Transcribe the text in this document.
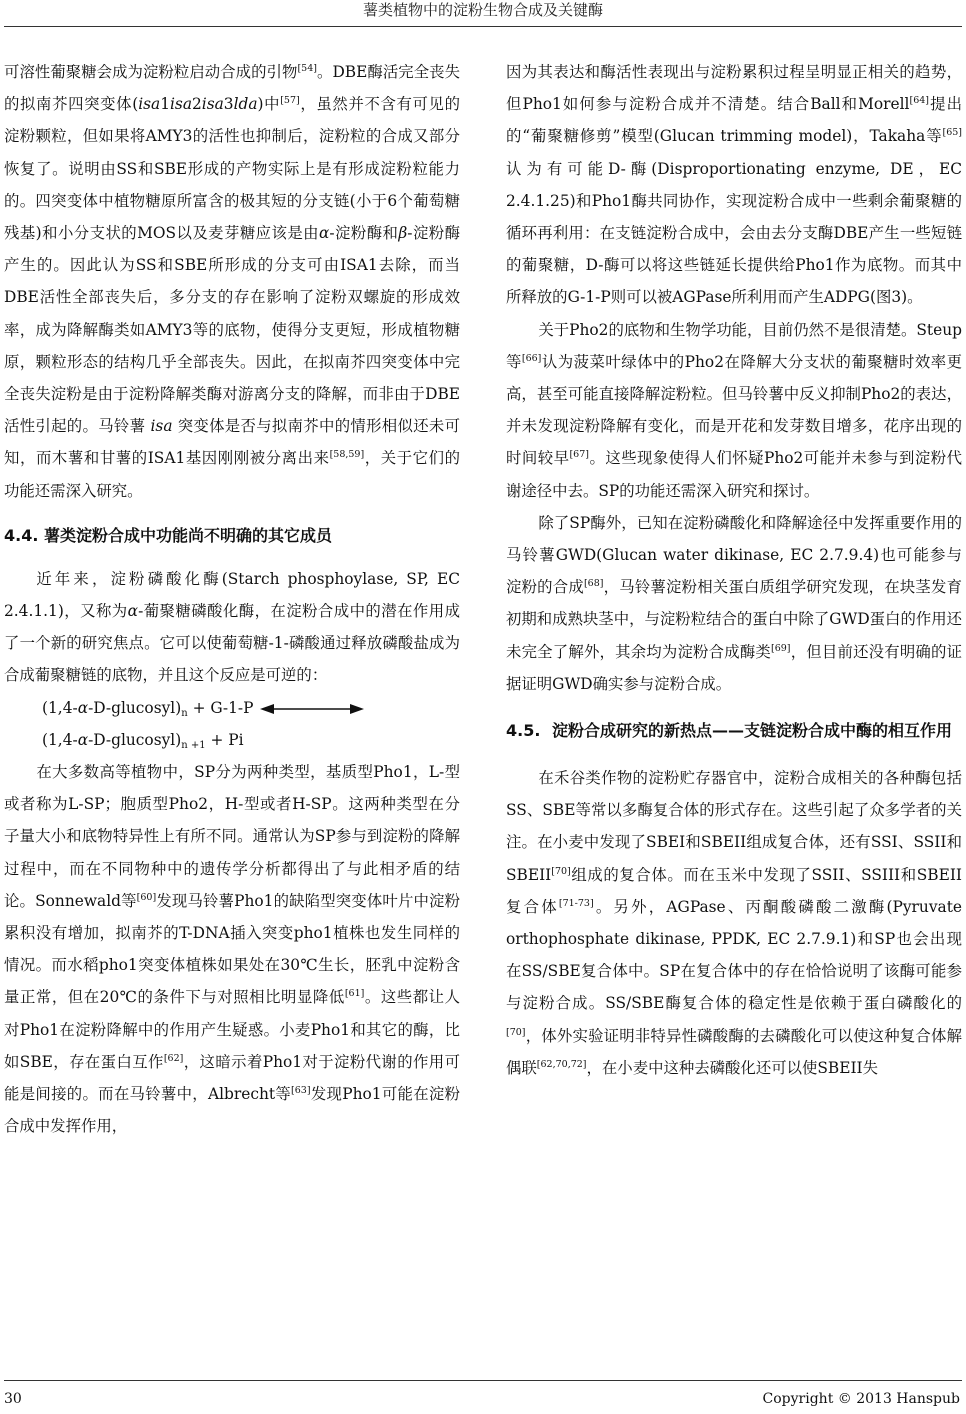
薯类植物中的淀粉生物合成及关键酶

可溶性葡聚糖会成为淀粉粒启动合成的引物[54]。DBE酶活完全丧失的拟南芥四突变体(isa1isa2isa3lda)中[57]，虽然并不含有可见的淀粉颗粒，但如果将AMY3的活性也抑制后，淀粉粒的合成又部分恢复了。说明由SS和SBE形成的产物实际上是有形成淀粉粒能力的。四突变体中植物糖原所富含的极其短的分支链(小于6个葡萄糖残基)和小分支状的MOS以及麦芽糖应该是由α-淀粉酶和β-淀粉酶产生的。因此认为SS和SBE所形成的分支可由ISA1去除，而当DBE活性全部丧失后，多分支的存在影响了淀粉双螺旋的形成效率，成为降解酶类如AMY3等的底物，使得分支更短，形成植物糖原，颗粒形态的结构几乎全部丧失。因此，在拟南芥四突变体中完全丧失淀粉是由于淀粉降解类酶对游离分支的降解，而非由于DBE活性引起的。马铃薯 isa 突变体是否与拟南芥中的情形相似还未可知，而木薯和甘薯的ISA1基因刚刚被分离出来[58,59]，关于它们的功能还需深入研究。

4.4. 薯类淀粉合成中功能尚不明确的其它成员

近年来，淀粉磷酸化酶(Starch phosphoylase, SP, EC 2.4.1.1)，又称为α-葡聚糖磷酸化酶，在淀粉合成中的潜在作用成了一个新的研究焦点。它可以使葡萄糖-1-磷酸通过释放磷酸盐成为合成葡聚糖链的底物，并且这个反应是可逆的：

$(1,4-\alpha-D-glucosyl)_n + G-1-P$
$(1,4-\alpha-D-glucosyl)_{n +1} + Pi$

在大多数高等植物中，SP分为两种类型，基质型Pho1，L-型或者称为L-SP；胞质型Pho2，H-型或者H-SP。这两种类型在分子量大小和底物特异性上有所不同。通常认为SP参与到淀粉的降解过程中，而在不同物种中的遗传学分析都得出了与此相矛盾的结论。Sonnewald等[60]发现马铃薯Pho1的缺陷型突变体叶片中淀粉累积没有增加，拟南芥的T-DNA插入突变pho1植株也发生同样的情况。而水稻pho1突变体植株如果处在30℃生长，胚乳中淀粉含量正常，但在20℃的条件下与对照相比明显降低[61]。这些都让人对Pho1在淀粉降解中的作用产生疑惑。小麦Pho1和其它的酶，比如SBE，存在蛋白互作[62]，这暗示着Pho1对于淀粉代谢的作用可能是间接的。而在马铃薯中，Albrecht等[63]发现Pho1可能在淀粉合成中发挥作用，

因为其表达和酶活性表现出与淀粉累积过程呈明显正相关的趋势，但Pho1如何参与淀粉合成并不清楚。结合Ball和Morell[64]提出的“葡聚糖修剪”模型(Glucan trimming model)，Takaha等[65]认为有可能D-酶(Disproportionating enzyme, DE，EC 2.4.1.25)和Pho1酶共同协作，实现淀粉合成中一些剩余葡聚糖的循环再利用：在支链淀粉合成中，会由去分支酶DBE产生一些短链的葡聚糖，D-酶可以将这些链延长提供给Pho1作为底物。而其中所释放的G-1-P则可以被AGPase所利用而产生ADPG(图3)。

关于Pho2的底物和生物学功能，目前仍然不是很清楚。Steup等[66]认为菠菜叶绿体中的Pho2在降解大分支状的葡聚糖时效率更高，甚至可能直接降解淀粉粒。但马铃薯中反义抑制Pho2的表达，并未发现淀粉降解有变化，而是开花和发芽数目增多，花序出现的时间较早[67]。这些现象使得人们怀疑Pho2可能并未参与到淀粉代谢途径中去。SP的功能还需深入研究和探讨。

除了SP酶外，已知在淀粉磷酸化和降解途径中发挥重要作用的马铃薯GWD(Glucan water dikinase, EC 2.7.9.4)也可能参与淀粉的合成[68]，马铃薯淀粉相关蛋白质组学研究发现，在块茎发育初期和成熟块茎中，与淀粉粒结合的蛋白中除了GWD蛋白的作用还未完全了解外，其余均为淀粉合成酶类[69]，但目前还没有明确的证据证明GWD确实参与淀粉合成。

4.5. 淀粉合成研究的新热点——支链淀粉合成中酶的相互作用

在禾谷类作物的淀粉贮存器官中，淀粉合成相关的各种酶包括SS、SBE等常以多酶复合体的形式存在。这些引起了众多学者的关注。在小麦中发现了SBEI和SBEII组成复合体，还有SSI、SSII和SBEII[70]组成的复合体。而在玉米中发现了SSII、SSIII和SBEII复合体[71-73]。另外，AGPase、丙酮酸磷酸二激酶(Pyruvate orthophosphate dikinase, PPDK, EC 2.7.9.1)和SP也会出现在SS/SBE复合体中。SP在复合体中的存在恰恰说明了该酶可能参与淀粉合成。SS/SBE酶复合体的稳定性是依赖于蛋白磷酸化的[70]，体外实验证明非特异性磷酸酶的去磷酸化可以使这种复合体解偶联[62,70,72]，在小麦中这种去磷酸化还可以使SBEII失

30	Copyright © 2013 Hanspub
